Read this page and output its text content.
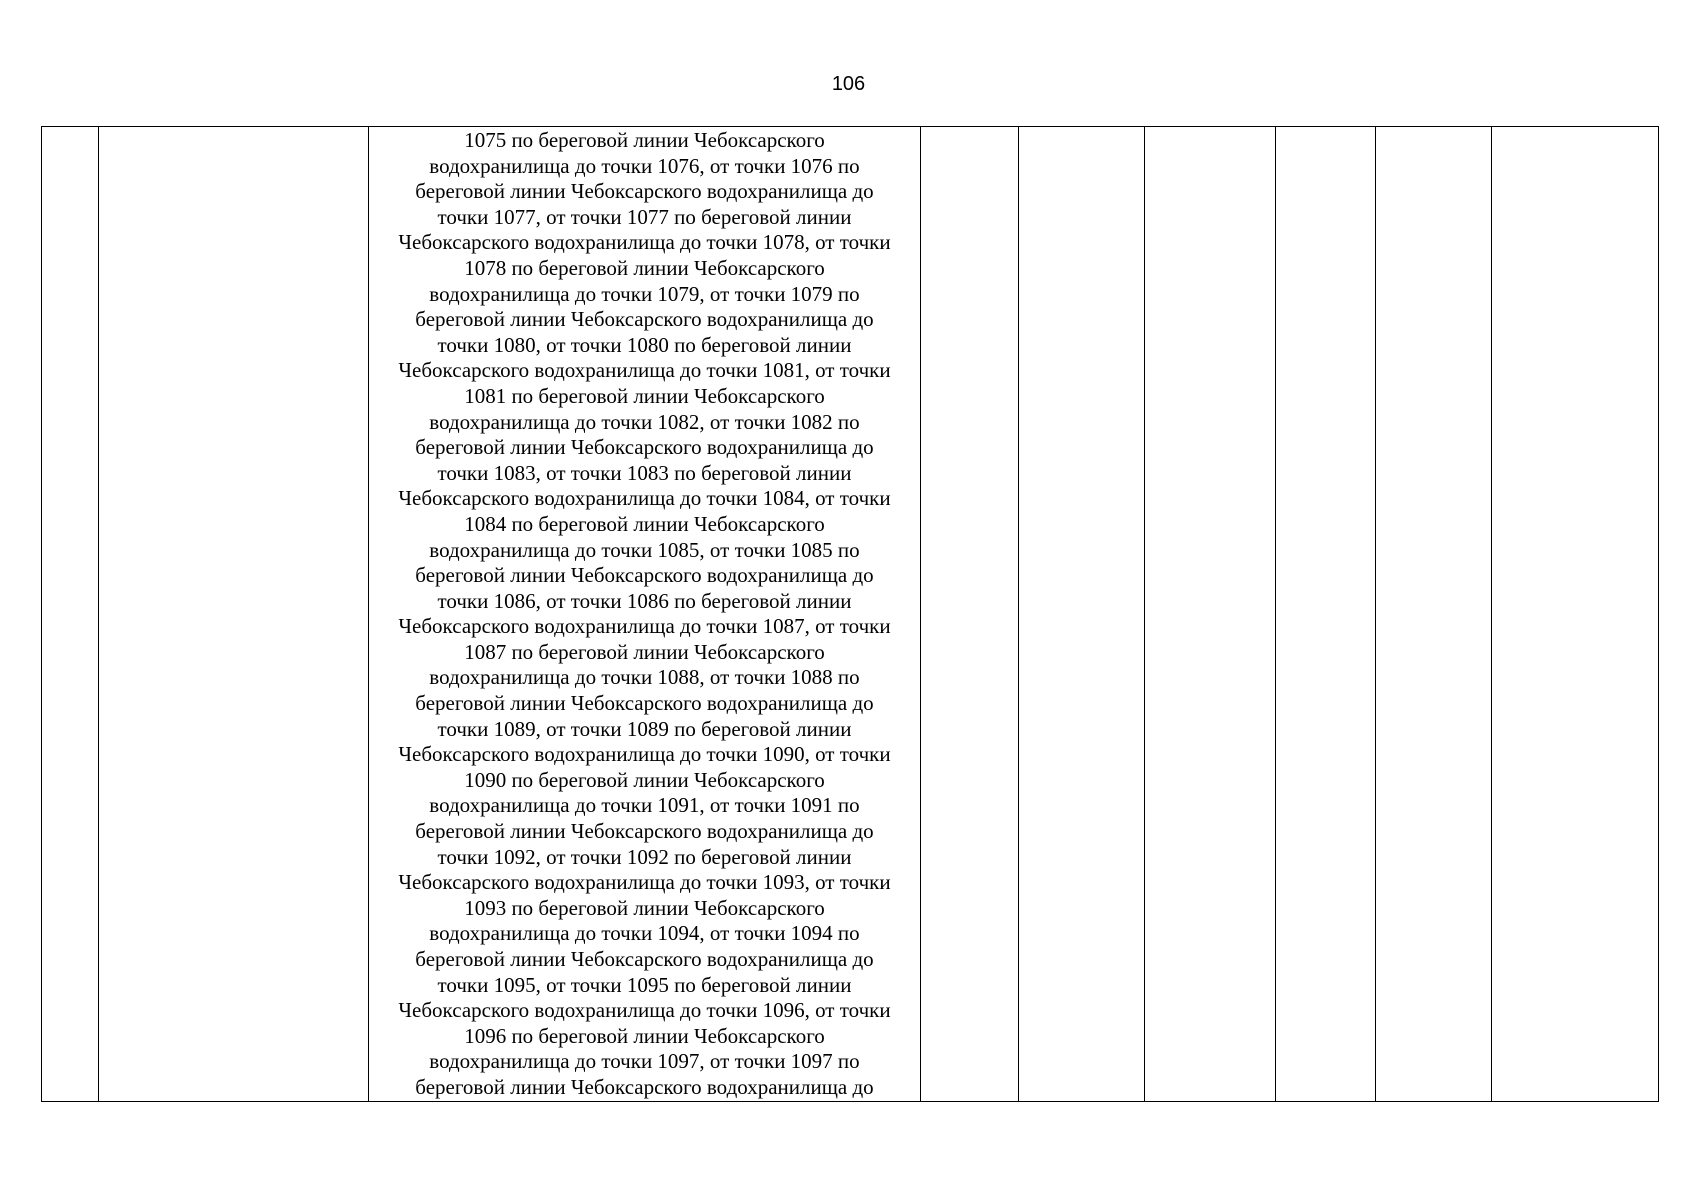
106

1075 по береговой линии Чебоксарского
водохранилища до точки 1076, от точки 1076 по
береговой линии Чебоксарского водохранилища до
точки 1077, от точки 1077 по береговой линии
Чебоксарского водохранилища до точки 1078, от точки
1078 по береговой линии Чебоксарского
водохранилища до точки 1079, от точки 1079 по
береговой линии Чебоксарского водохранилища до
точки 1080, от точки 1080 по береговой линии
Чебоксарского водохранилища до точки 1081, от точки
1081 по береговой линии Чебоксарского
водохранилища до точки 1082, от точки 1082 по
береговой линии Чебоксарского водохранилища до
точки 1083, от точки 1083 по береговой линии
Чебоксарского водохранилища до точки 1084, от точки
1084 по береговой линии Чебоксарского
водохранилища до точки 1085, от точки 1085 по
береговой линии Чебоксарского водохранилища до
точки 1086, от точки 1086 по береговой линии
Чебоксарского водохранилища до точки 1087, от точки
1087 по береговой линии Чебоксарского
водохранилища до точки 1088, от точки 1088 по
береговой линии Чебоксарского водохранилища до
точки 1089, от точки 1089 по береговой линии
Чебоксарского водохранилища до точки 1090, от точки
1090 по береговой линии Чебоксарского
водохранилища до точки 1091, от точки 1091 по
береговой линии Чебоксарского водохранилища до
точки 1092, от точки 1092 по береговой линии
Чебоксарского водохранилища до точки 1093, от точки
1093 по береговой линии Чебоксарского
водохранилища до точки 1094, от точки 1094 по
береговой линии Чебоксарского водохранилища до
точки 1095, от точки 1095 по береговой линии
Чебоксарского водохранилища до точки 1096, от точки
1096 по береговой линии Чебоксарского
водохранилища до точки 1097, от точки 1097 по
береговой линии Чебоксарского водохранилища до
